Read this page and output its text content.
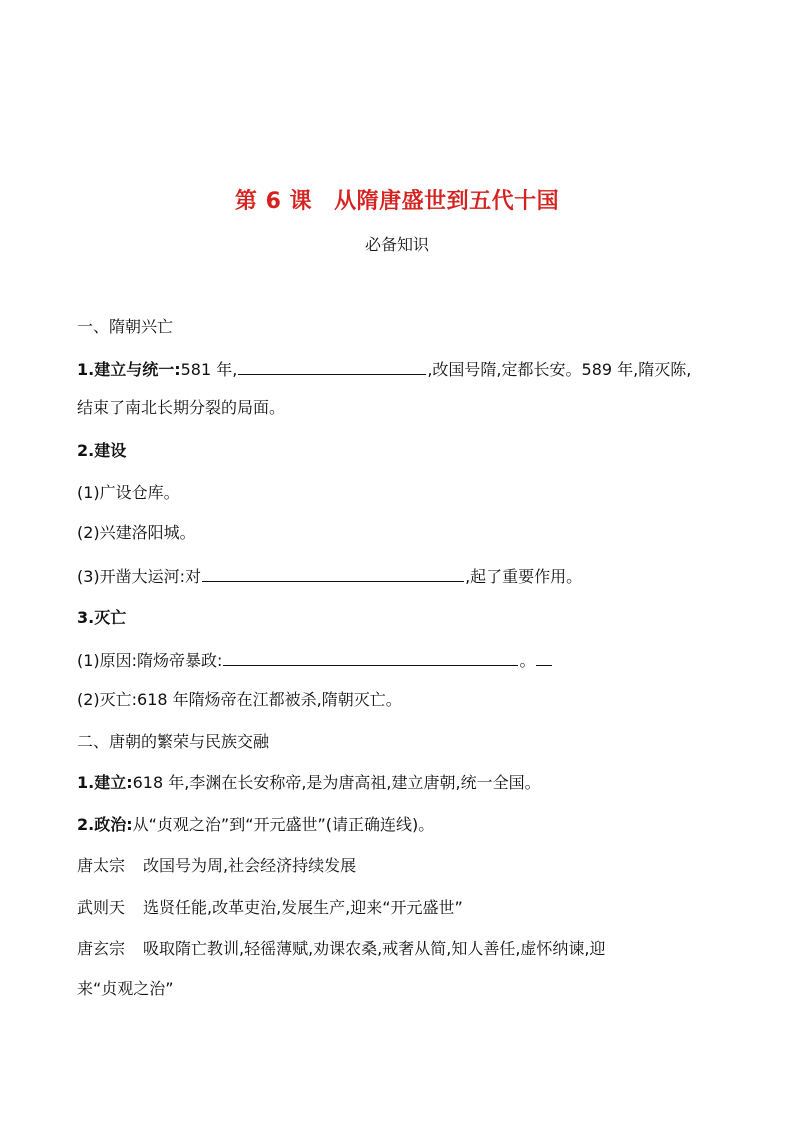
第 6 课 从隋唐盛世到五代十国
必备知识
一、隋朝兴亡
1.建立与统一:581 年,	,改国号隋,定都长安。589 年,隋灭陈,
结束了南北长期分裂的局面。
2.建设
(1)广设仓库。
(2)兴建洛阳城。
(3)开凿大运河:对	,起了重要作用。
3.灭亡
(1)原因:隋炀帝暴政:	。
(2)灭亡:618 年隋炀帝在江都被杀,隋朝灭亡。
二、唐朝的繁荣与民族交融
1.建立:618 年,李渊在长安称帝,是为唐高祖,建立唐朝,统一全国。
2.政治:从“贞观之治”到“开元盛世”(请正确连线)。
唐太宗 改国号为周,社会经济持续发展
武则天 选贤任能,改革吏治,发展生产,迎来“开元盛世”
唐玄宗 吸取隋亡教训,轻徭薄赋,劝课农桑,戒奢从简,知人善任,虚怀纳谏,迎
来“贞观之治”
